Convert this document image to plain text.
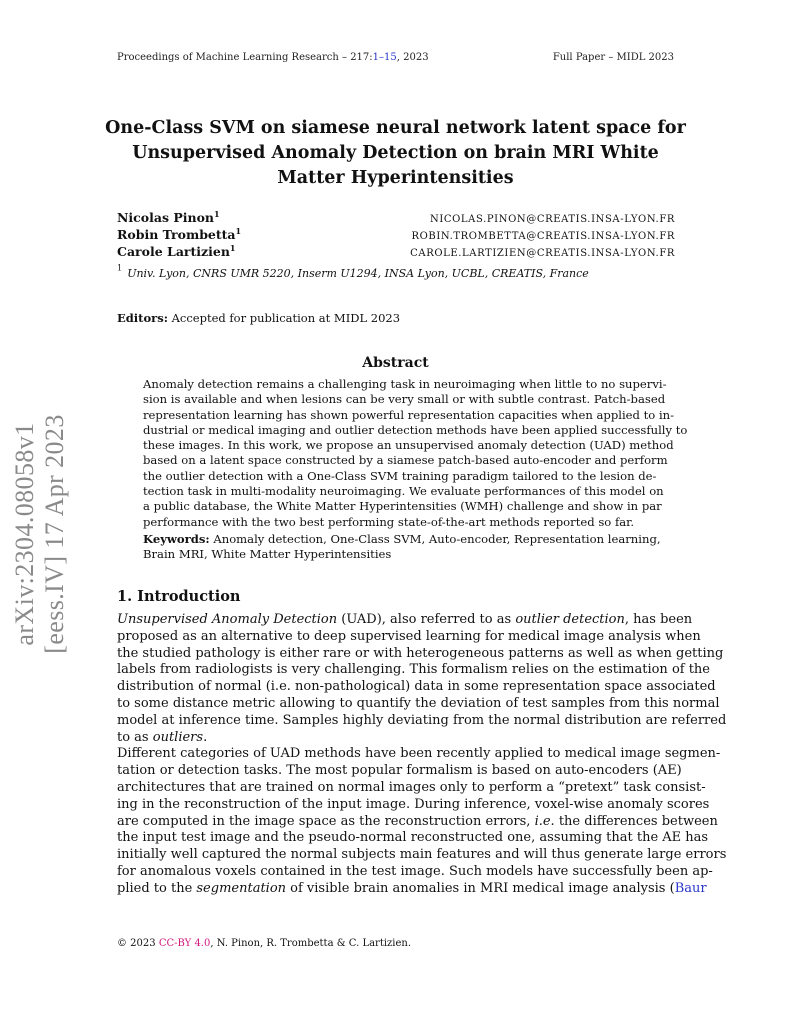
Proceedings of Machine Learning Research – 217:1–15, 2023	Full Paper – MIDL 2023
arXiv:2304.08058v1 [eess.IV] 17 Apr 2023
One-Class SVM on siamese neural network latent space for
Unsupervised Anomaly Detection on brain MRI White
Matter Hyperintensities
Nicolas Pinon$^1$
NICOLAS.PINON@CREATIS.INSA-LYON.FR
Robin Trombetta$^1$
ROBIN.TROMBETTA@CREATIS.INSA-LYON.FR
Carole Lartizien$^1$
CAROLE.LARTIZIEN@CREATIS.INSA-LYON.FR
$^1$ Univ. Lyon, CNRS UMR 5220, Inserm U1294, INSA Lyon, UCBL, CREATIS, France
Editors: Accepted for publication at MIDL 2023
Abstract
Anomaly detection remains a challenging task in neuroimaging when little to no supervi-
sion is available and when lesions can be very small or with subtle contrast. Patch-based
representation learning has shown powerful representation capacities when applied to in-
dustrial or medical imaging and outlier detection methods have been applied successfully to
these images. In this work, we propose an unsupervised anomaly detection (UAD) method
based on a latent space constructed by a siamese patch-based auto-encoder and perform
the outlier detection with a One-Class SVM training paradigm tailored to the lesion de-
tection task in multi-modality neuroimaging. We evaluate performances of this model on
a public database, the White Matter Hyperintensities (WMH) challenge and show in par
performance with the two best performing state-of-the-art methods reported so far.
Keywords: Anomaly detection, One-Class SVM, Auto-encoder, Representation learning,
Brain MRI, White Matter Hyperintensities
1. Introduction
Unsupervised Anomaly Detection (UAD), also referred to as outlier detection, has been
proposed as an alternative to deep supervised learning for medical image analysis when
the studied pathology is either rare or with heterogeneous patterns as well as when getting
labels from radiologists is very challenging. This formalism relies on the estimation of the
distribution of normal (i.e. non-pathological) data in some representation space associated
to some distance metric allowing to quantify the deviation of test samples from this normal
model at inference time. Samples highly deviating from the normal distribution are referred
to as outliers.
Different categories of UAD methods have been recently applied to medical image segmen-
tation or detection tasks. The most popular formalism is based on auto-encoders (AE)
architectures that are trained on normal images only to perform a “pretext” task consist-
ing in the reconstruction of the input image. During inference, voxel-wise anomaly scores
are computed in the image space as the reconstruction errors, i.e. the differences between
the input test image and the pseudo-normal reconstructed one, assuming that the AE has
initially well captured the normal subjects main features and will thus generate large errors
for anomalous voxels contained in the test image. Such models have successfully been ap-
plied to the segmentation of visible brain anomalies in MRI medical image analysis (Baur
© 2023 CC-BY 4.0, N. Pinon, R. Trombetta & C. Lartizien.
